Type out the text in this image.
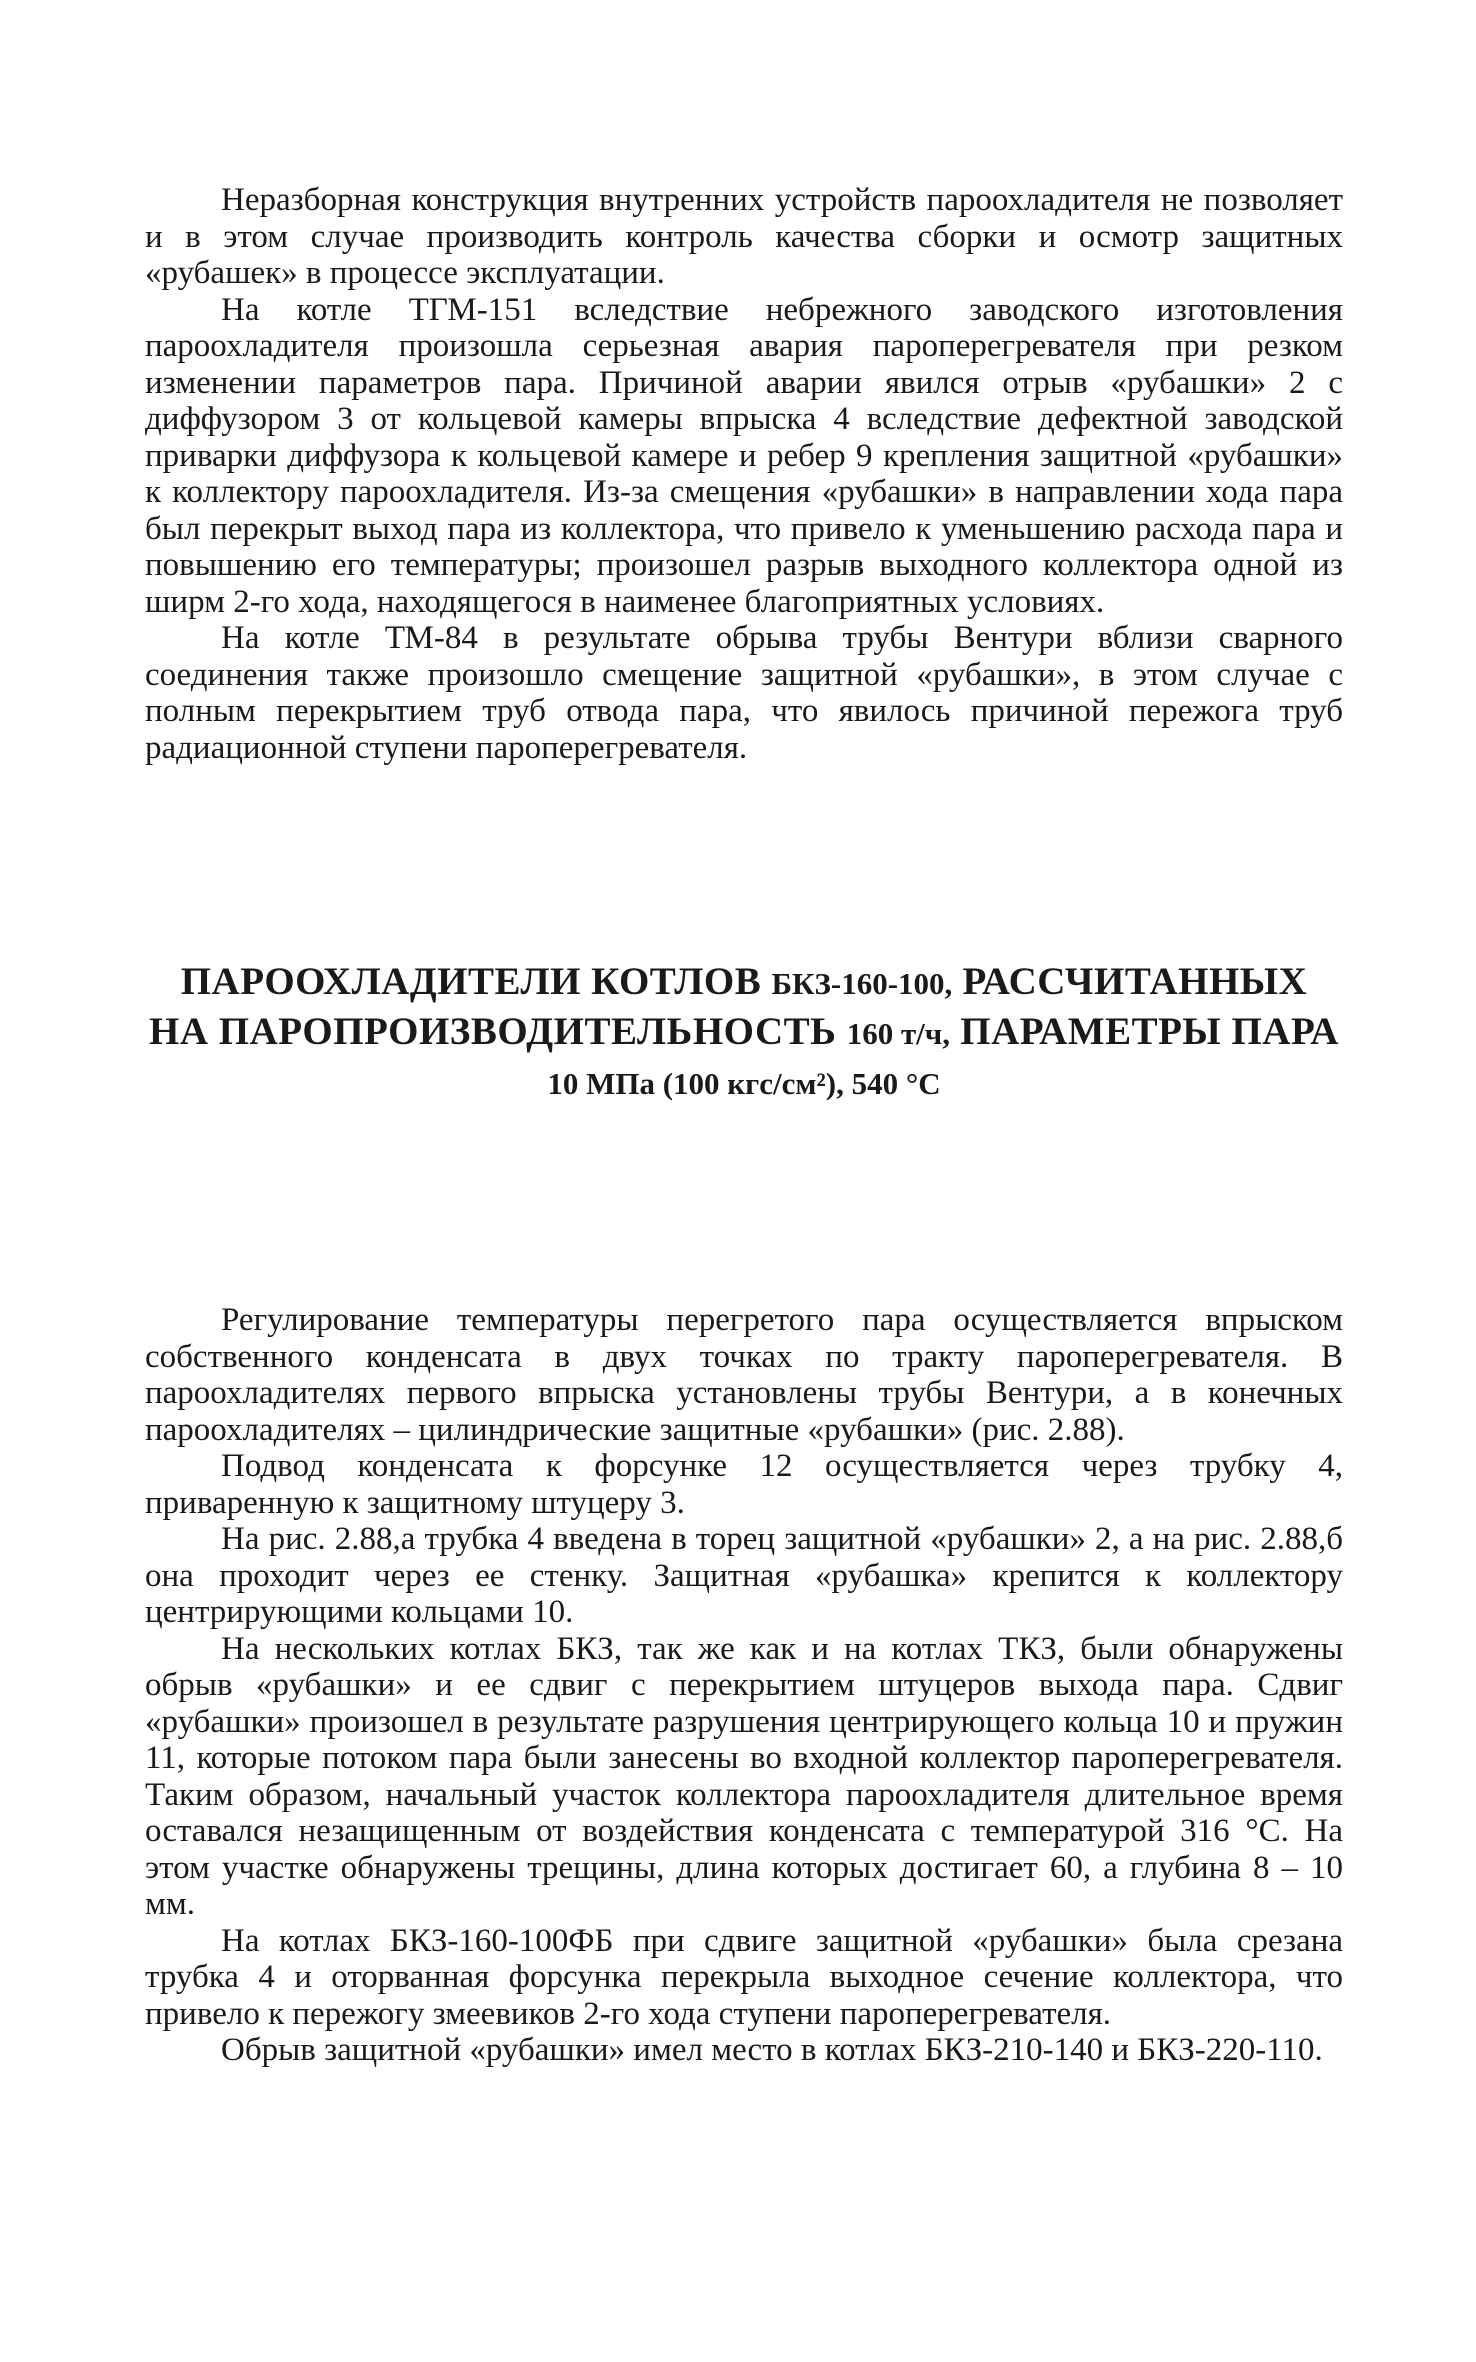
Неразборная конструкция внутренних устройств пароохладителя не позволяет и в этом случае производить контроль качества сборки и осмотр защитных «рубашек» в процессе эксплуатации.

На котле ТГМ-151 вследствие небрежного заводского изготовления пароохладителя произошла серьезная авария пароперегревателя при резком изменении параметров пара. Причиной аварии явился отрыв «рубашки» 2 с диффузором 3 от кольцевой камеры впрыска 4 вследствие дефектной заводской приварки диффузора к кольцевой камере и ребер 9 крепления защитной «рубашки» к коллектору пароохладителя. Из-за смещения «рубашки» в направлении хода пара был перекрыт выход пара из коллектора, что привело к уменьшению расхода пара и повышению его температуры; произошел разрыв выходного коллектора одной из ширм 2-го хода, находящегося в наименее благоприятных условиях.

На котле ТМ-84 в результате обрыва трубы Вентури вблизи сварного соединения также произошло смещение защитной «рубашки», в этом случае с полным перекрытием труб отвода пара, что явилось причиной пережога труб радиационной ступени пароперегревателя.

ПАРООХЛАДИТЕЛИ КОТЛОВ БКЗ-160-100, РАССЧИТАННЫХ
НА ПАРОПРОИЗВОДИТЕЛЬНОСТЬ 160 т/ч, ПАРАМЕТРЫ ПАРА
10 МПа (100 кгс/см²), 540 °С

Регулирование температуры перегретого пара осуществляется впрыском собственного конденсата в двух точках по тракту пароперегревателя. В пароохладителях первого впрыска установлены трубы Вентури, а в конечных пароохладителях – цилиндрические защитные «рубашки» (рис. 2.88).

Подвод конденсата к форсунке 12 осуществляется через трубку 4, приваренную к защитному штуцеру 3.

На рис. 2.88,а трубка 4 введена в торец защитной «рубашки» 2, а на рис. 2.88,б она проходит через ее стенку. Защитная «рубашка» крепится к коллектору центрирующими кольцами 10.

На нескольких котлах БКЗ, так же как и на котлах ТКЗ, были обнаружены обрыв «рубашки» и ее сдвиг с перекрытием штуцеров выхода пара. Сдвиг «рубашки» произошел в результате разрушения центрирующего кольца 10 и пружин 11, которые потоком пара были занесены во входной коллектор пароперегревателя. Таким образом, начальный участок коллектора пароохладителя длительное время оставался незащищенным от воздействия конденсата с температурой 316 °С. На этом участке обнаружены трещины, длина которых достигает 60, а глубина 8 – 10 мм.

На котлах БКЗ-160-100ФБ при сдвиге защитной «рубашки» была срезана трубка 4 и оторванная форсунка перекрыла выходное сечение коллектора, что привело к пережогу змеевиков 2-го хода ступени пароперегревателя.

Обрыв защитной «рубашки» имел место в котлах БКЗ-210-140 и БКЗ-220-110.
